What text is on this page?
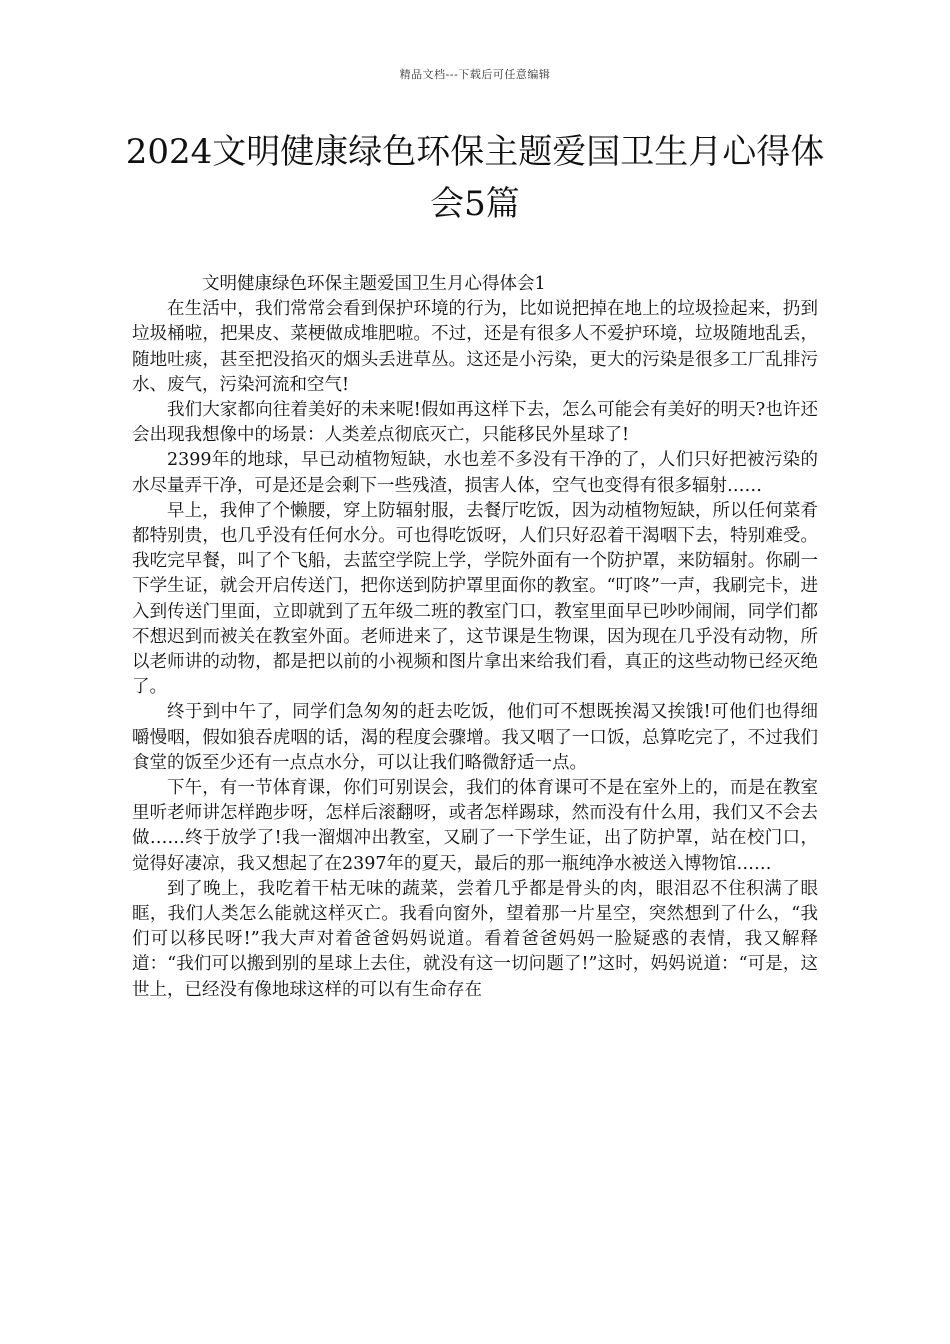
精品文档---下载后可任意编辑
2024文明健康绿色环保主题爱国卫生月心得体会5篇

文明健康绿色环保主题爱国卫生月心得体会1

在生活中，我们常常会看到保护环境的行为，比如说把掉在地上的垃圾捡起来，扔到垃圾桶啦，把果皮、菜梗做成堆肥啦。不过，还是有很多人不爱护环境，垃圾随地乱丢，随地吐痰，甚至把没掐灭的烟头丢进草丛。这还是小污染，更大的污染是很多工厂乱排污水、废气，污染河流和空气!

我们大家都向往着美好的未来呢!假如再这样下去，怎么可能会有美好的明天?也许还会出现我想像中的场景：人类差点彻底灭亡，只能移民外星球了!

2399年的地球，早已动植物短缺，水也差不多没有干净的了，人们只好把被污染的水尽量弄干净，可是还是会剩下一些残渣，损害人体，空气也变得有很多辐射……

早上，我伸了个懒腰，穿上防辐射服，去餐厅吃饭，因为动植物短缺，所以任何菜肴都特别贵，也几乎没有任何水分。可也得吃饭呀，人们只好忍着干渴咽下去，特别难受。我吃完早餐，叫了个飞船，去蓝空学院上学，学院外面有一个防护罩，来防辐射。你刷一下学生证，就会开启传送门，把你送到防护罩里面你的教室。“叮咚”一声，我刷完卡，进入到传送门里面，立即就到了五年级二班的教室门口，教室里面早已吵吵闹闹，同学们都不想迟到而被关在教室外面。老师进来了，这节课是生物课，因为现在几乎没有动物，所以老师讲的动物，都是把以前的小视频和图片拿出来给我们看，真正的这些动物已经灭绝了。

终于到中午了，同学们急匆匆的赶去吃饭，他们可不想既挨渴又挨饿!可他们也得细嚼慢咽，假如狼吞虎咽的话，渴的程度会骤增。我又咽了一口饭，总算吃完了，不过我们食堂的饭至少还有一点点水分，可以让我们略微舒适一点。

下午，有一节体育课，你们可别误会，我们的体育课可不是在室外上的，而是在教室里听老师讲怎样跑步呀，怎样后滚翻呀，或者怎样踢球，然而没有什么用，我们又不会去做……终于放学了!我一溜烟冲出教室，又刷了一下学生证，出了防护罩，站在校门口，觉得好凄凉，我又想起了在2397年的夏天，最后的那一瓶纯净水被送入博物馆……

到了晚上，我吃着干枯无味的蔬菜，尝着几乎都是骨头的肉，眼泪忍不住积满了眼眶，我们人类怎么能就这样灭亡。我看向窗外，望着那一片星空，突然想到了什么，“我们可以移民呀!”我大声对着爸爸妈妈说道。看着爸爸妈妈一脸疑惑的表情，我又解释道：“我们可以搬到别的星球上去住，就没有这一切问题了!”这时，妈妈说道：“可是，这世上，已经没有像地球这样的可以有生命存在
